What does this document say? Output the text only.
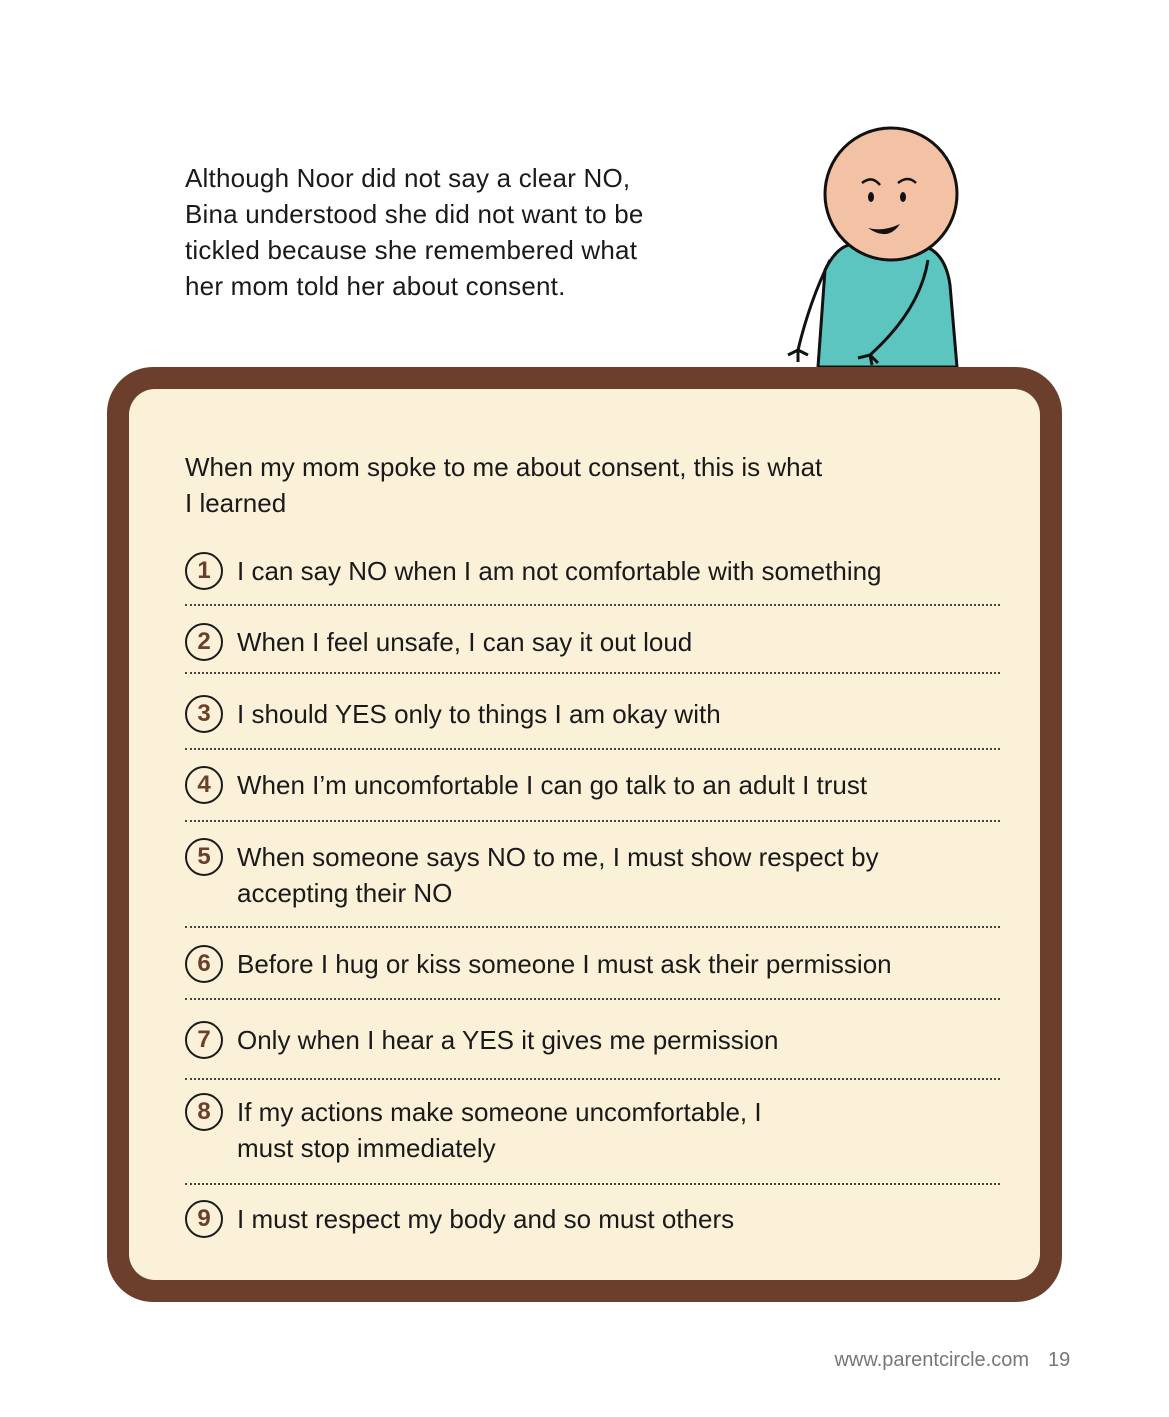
Although Noor did not say a clear NO, Bina understood she did not want to be tickled because she remembered what her mom told her about consent.
When my mom spoke to me about consent, this is what I learned
1	I can say NO when I am not comfortable with something
2	When I feel unsafe, I can say it out loud
3	I should YES only to things I am okay with
4	When I’m uncomfortable I can go talk to an adult I trust
5	When someone says NO to me, I must show respect by accepting their NO
6	Before I hug or kiss someone I must ask their permission
7	Only when I hear a YES it gives me permission
8	If my actions make someone uncomfortable, I must stop immediately
9	I must respect my body and so must others
www.parentcircle.com 19
